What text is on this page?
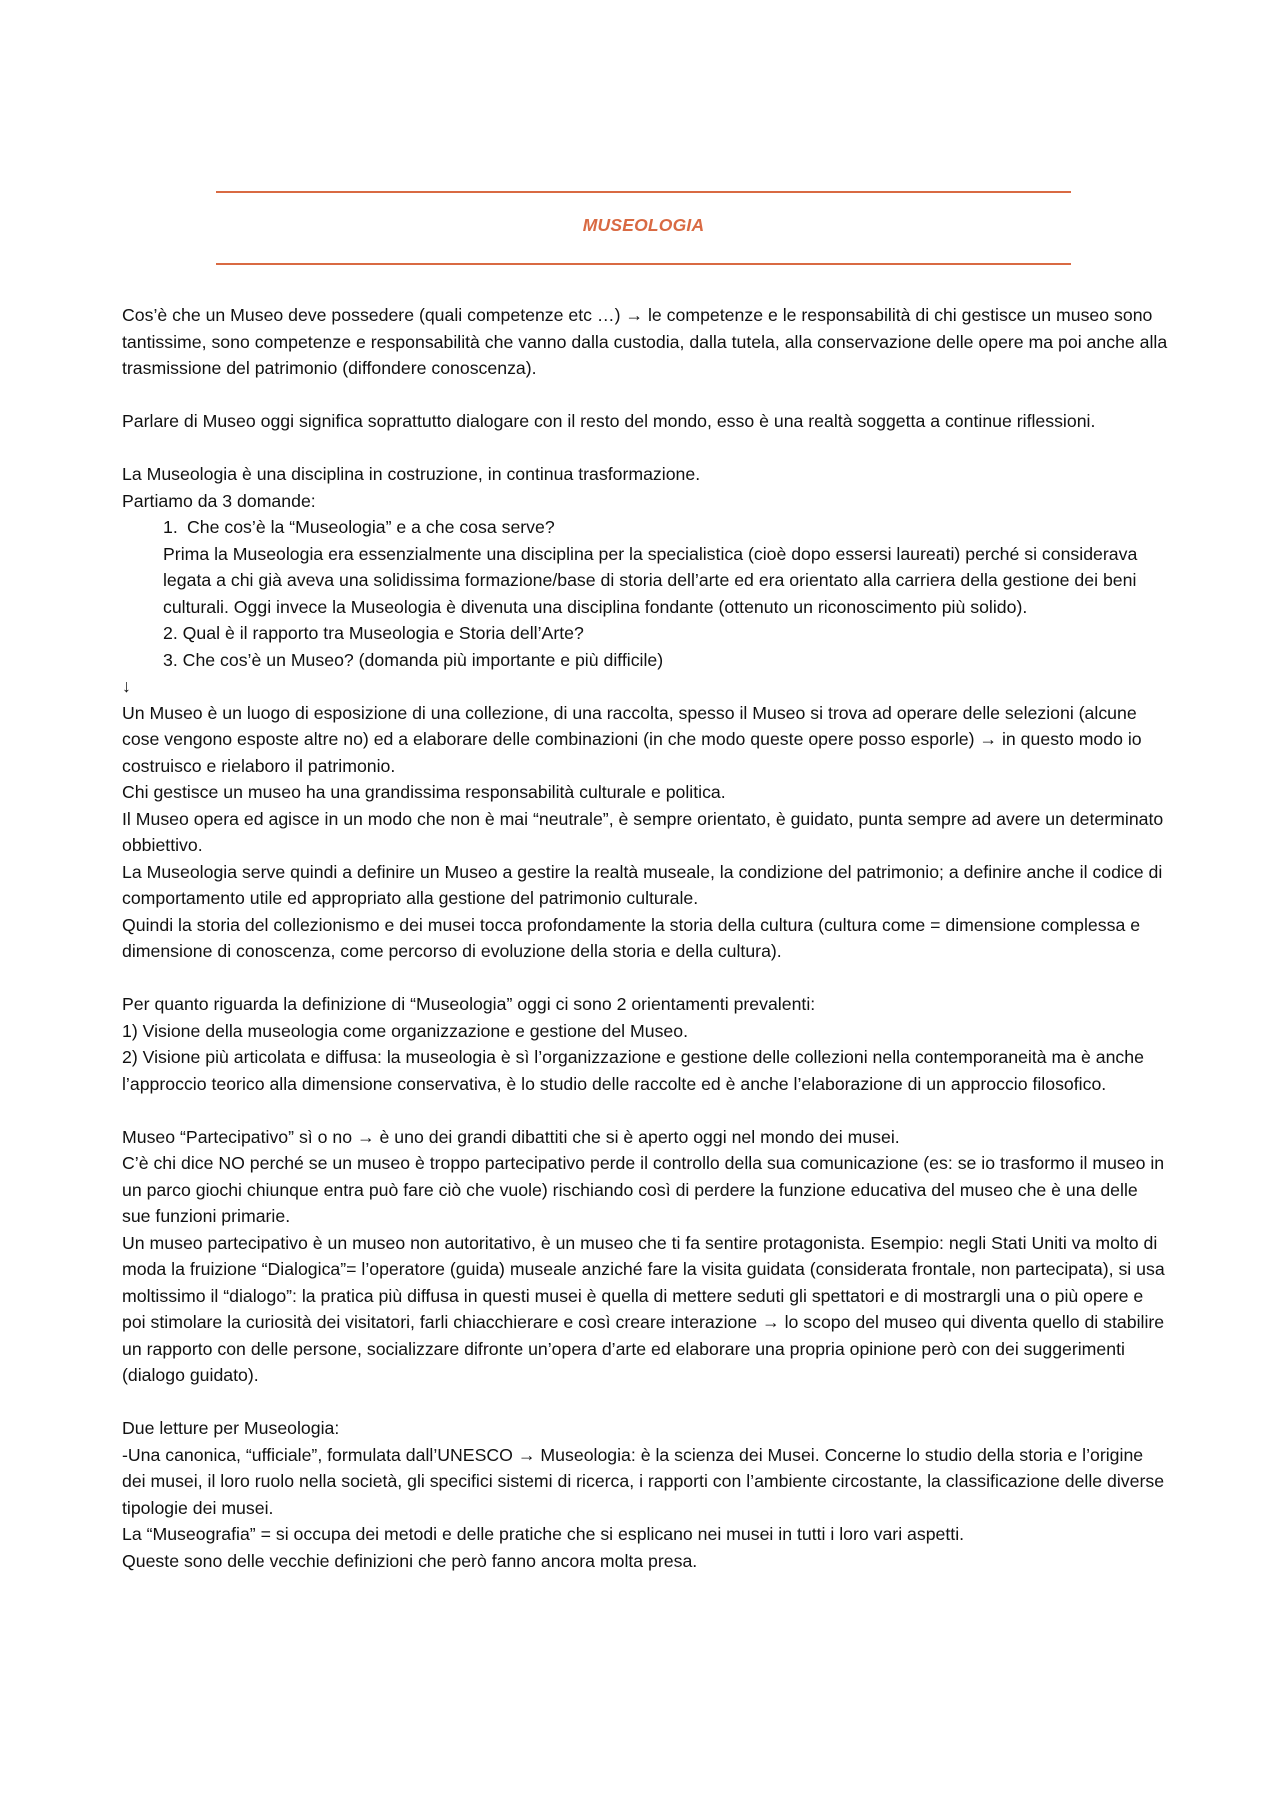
MUSEOLOGIA

Cos’è che un Museo deve possedere (quali competenze etc …) → le competenze e le responsabilità di chi gestisce un museo sono tantissime, sono competenze e responsabilità che vanno dalla custodia, dalla tutela, alla conservazione delle opere ma poi anche alla trasmissione del patrimonio (diffondere conoscenza).

Parlare di Museo oggi significa soprattutto dialogare con il resto del mondo, esso è una realtà soggetta a continue riflessioni.

La Museologia è una disciplina in costruzione, in continua trasformazione.

Partiamo da 3 domande:

1. Che cos’è la “Museologia” e a che cosa serve?

Prima la Museologia era essenzialmente una disciplina per la specialistica (cioè dopo essersi laureati) perché si considerava legata a chi già aveva una solidissima formazione/base di storia dell’arte ed era orientato alla carriera della gestione dei beni culturali. Oggi invece la Museologia è divenuta una disciplina fondante (ottenuto un riconoscimento più solido).

2. Qual è il rapporto tra Museologia e Storia dell’Arte?

3. Che cos’è un Museo? (domanda più importante e più difficile)

↓

Un Museo è un luogo di esposizione di una collezione, di una raccolta, spesso il Museo si trova ad operare delle selezioni (alcune cose vengono esposte altre no) ed a elaborare delle combinazioni (in che modo queste opere posso esporle) → in questo modo io costruisco e rielaboro il patrimonio.

Chi gestisce un museo ha una grandissima responsabilità culturale e politica.

Il Museo opera ed agisce in un modo che non è mai “neutrale”, è sempre orientato, è guidato, punta sempre ad avere un determinato obbiettivo.

La Museologia serve quindi a definire un Museo a gestire la realtà museale, la condizione del patrimonio; a definire anche il codice di comportamento utile ed appropriato alla gestione del patrimonio culturale.

Quindi la storia del collezionismo e dei musei tocca profondamente la storia della cultura (cultura come = dimensione complessa e dimensione di conoscenza, come percorso di evoluzione della storia e della cultura).

Per quanto riguarda la definizione di “Museologia” oggi ci sono 2 orientamenti prevalenti:

1) Visione della museologia come organizzazione e gestione del Museo.

2) Visione più articolata e diffusa: la museologia è sì l’organizzazione e gestione delle collezioni nella contemporaneità ma è anche l’approccio teorico alla dimensione conservativa, è lo studio delle raccolte ed è anche l’elaborazione di un approccio filosofico.

Museo “Partecipativo” sì o no → è uno dei grandi dibattiti che si è aperto oggi nel mondo dei musei.

C’è chi dice NO perché se un museo è troppo partecipativo perde il controllo della sua comunicazione (es: se io trasformo il museo in un parco giochi chiunque entra può fare ciò che vuole) rischiando così di perdere la funzione educativa del museo che è una delle sue funzioni primarie.

Un museo partecipativo è un museo non autoritativo, è un museo che ti fa sentire protagonista. Esempio: negli Stati Uniti va molto di moda la fruizione “Dialogica”= l’operatore (guida) museale anziché fare la visita guidata (considerata frontale, non partecipata), si usa moltissimo il “dialogo”: la pratica più diffusa in questi musei è quella di mettere seduti gli spettatori e di mostrargli una o più opere e poi stimolare la curiosità dei visitatori, farli chiacchierare e così creare interazione → lo scopo del museo qui diventa quello di stabilire un rapporto con delle persone, socializzare difronte un’opera d’arte ed elaborare una propria opinione però con dei suggerimenti (dialogo guidato).

Due letture per Museologia:

-Una canonica, “ufficiale”, formulata dall’UNESCO → Museologia: è la scienza dei Musei. Concerne lo studio della storia e l’origine dei musei, il loro ruolo nella società, gli specifici sistemi di ricerca, i rapporti con l’ambiente circostante, la classificazione delle diverse tipologie dei musei.

La “Museografia” = si occupa dei metodi e delle pratiche che si esplicano nei musei in tutti i loro vari aspetti.

Queste sono delle vecchie definizioni che però fanno ancora molta presa.
